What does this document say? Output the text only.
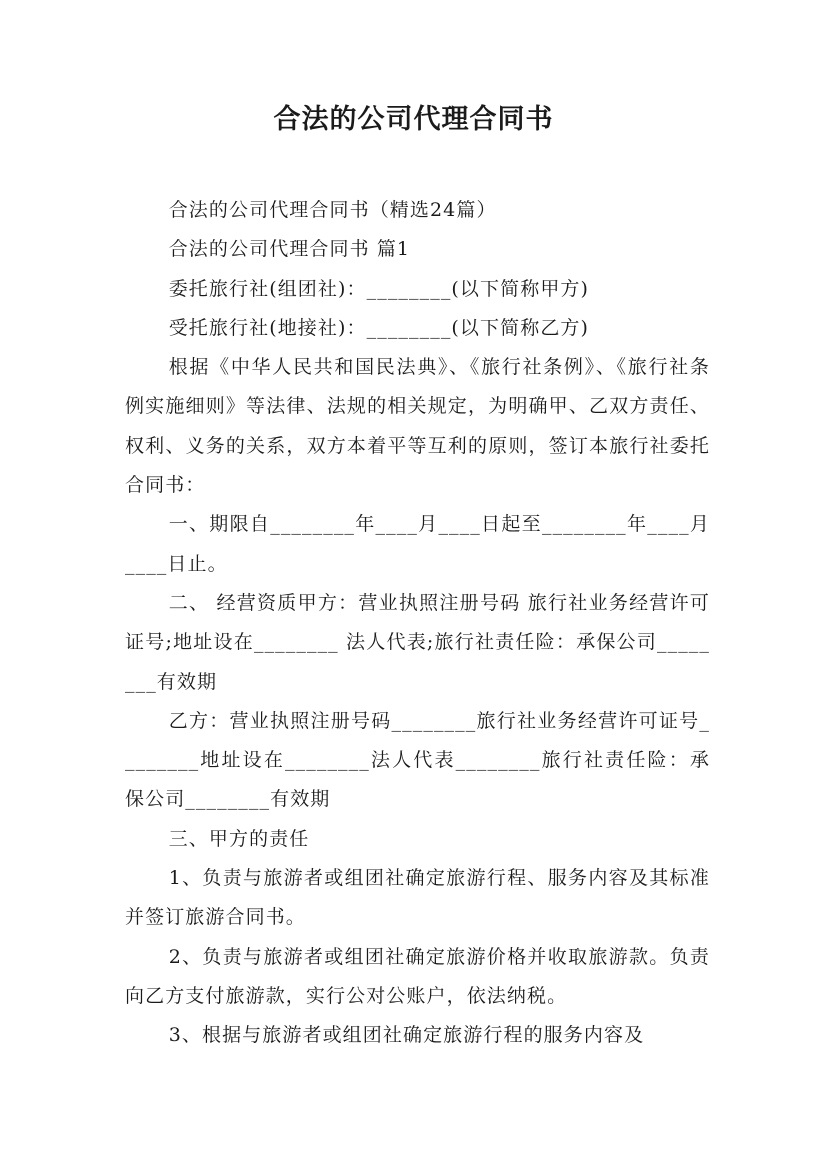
合法的公司代理合同书

合法的公司代理合同书（精选24篇）

合法的公司代理合同书 篇1

委托旅行社(组团社)：________(以下简称甲方)

受托旅行社(地接社)：________(以下简称乙方)

根据《中华人民共和国民法典》、《旅行社条例》、《旅行社条例实施细则》等法律、法规的相关规定，为明确甲、乙双方责任、权利、义务的关系，双方本着平等互利的原则，签订本旅行社委托合同书：

一、期限自________年____月____日起至________年____月____日止。

二、 经营资质甲方：营业执照注册号码 旅行社业务经营许可证号;地址设在________ 法人代表;旅行社责任险：承保公司________有效期

乙方：营业执照注册号码________旅行社业务经营许可证号________地址设在________法人代表________旅行社责任险：承保公司________有效期

三、甲方的责任

1、负责与旅游者或组团社确定旅游行程、服务内容及其标准并签订旅游合同书。

2、负责与旅游者或组团社确定旅游价格并收取旅游款。负责向乙方支付旅游款，实行公对公账户，依法纳税。

3、根据与旅游者或组团社确定旅游行程的服务内容及
